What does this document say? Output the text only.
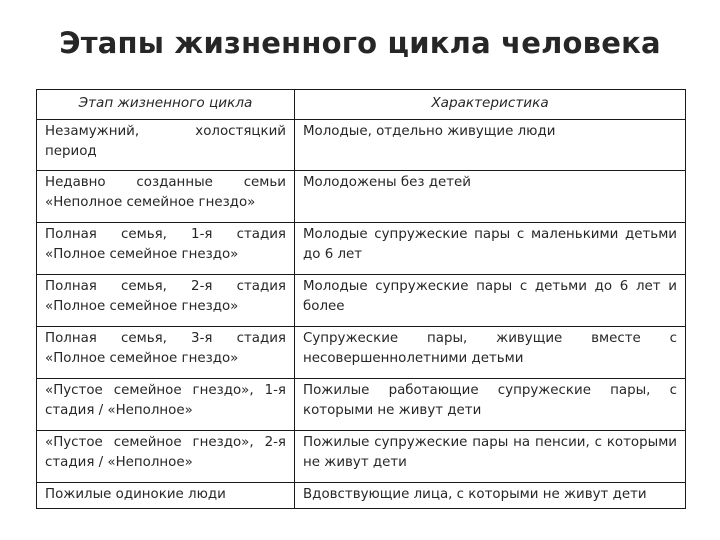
Этапы жизненного цикла человека
Этап жизненного цикла	Характеристика
Незамужний, холостяцкий период	Молодые, отдельно живущие люди
Недавно созданные семьи «Неполное семейное гнездо»	Молодожены без детей
Полная семья, 1-я стадия «Полное семейное гнездо»	Молодые супружеские пары с маленькими детьми до 6 лет
Полная семья, 2-я стадия «Полное семейное гнездо»	Молодые супружеские пары с детьми до 6 лет и более
Полная семья, 3-я стадия «Полное семейное гнездо»	Супружеские пары, живущие вместе с несовершеннолетними детьми
«Пустое семейное гнездо», 1-я стадия / «Неполное»	Пожилые работающие супружеские пары, с которыми не живут дети
«Пустое семейное гнездо», 2-я стадия / «Неполное»	Пожилые супружеские пары на пенсии, с которыми не живут дети
Пожилые одинокие люди	Вдовствующие лица, с которыми не живут дети
